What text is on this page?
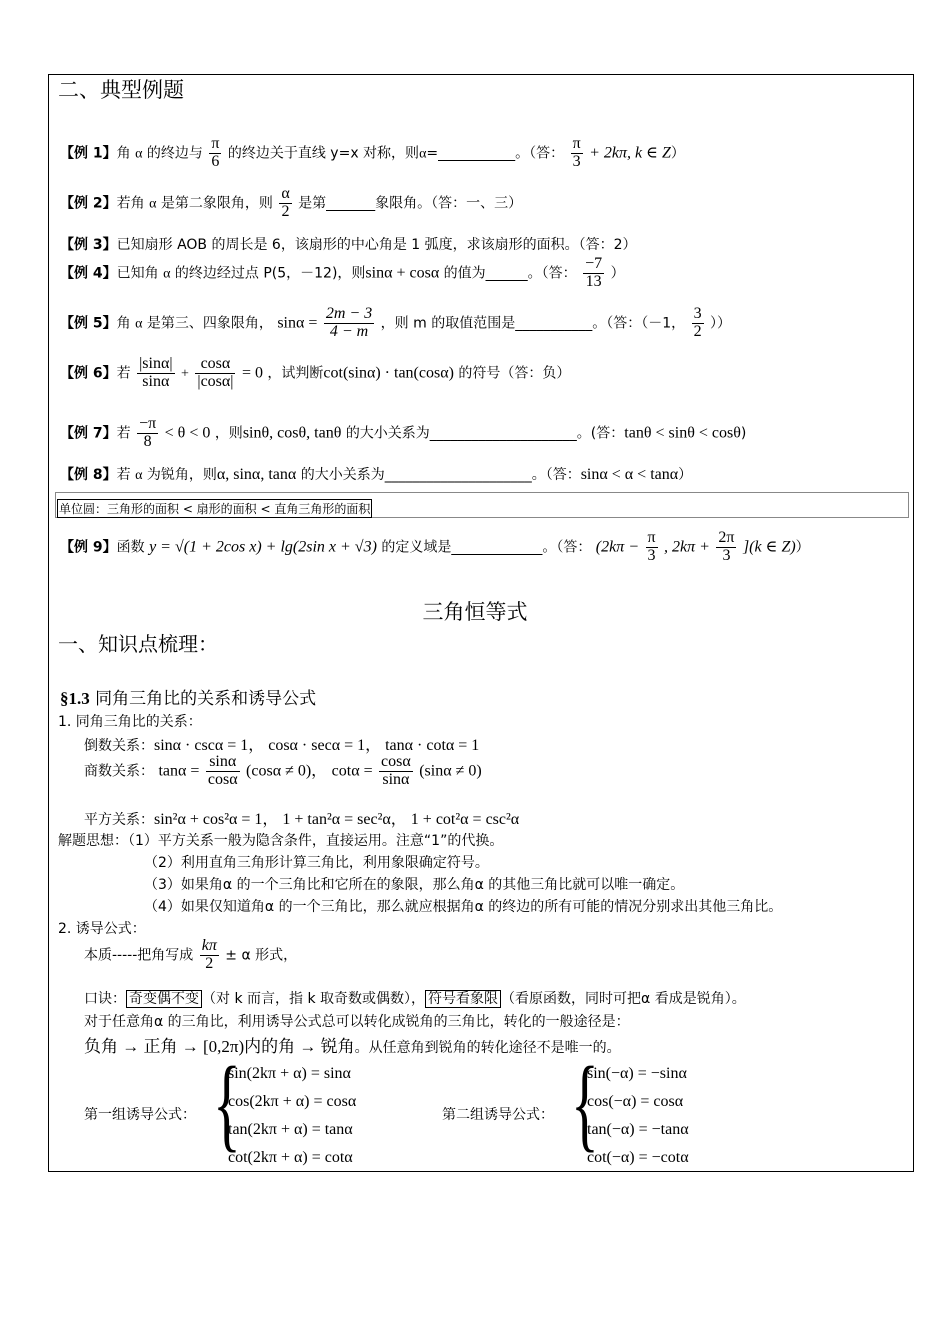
二、典型例题
【例 1】角 α 的终边与 $\frac{\pi}{6}$ 的终边关于直线 y=x 对称，则α=___________。（答： $\frac{\pi}{3} + 2k\pi$, k ∈ Z）
【例 2】若角 α 是第二象限角，则 $\frac{\alpha}{2}$ 是第_______象限角。（答：一、三）
【例 3】已知扇形 AOB 的周长是 6，该扇形的中心角是 1 弧度，求该扇形的面积。（答：2）
【例 4】已知角 α 的终边经过点 P(5，－12)，则sinα + cosα 的值为______。（答： $\frac{-7}{13}$ ）
【例 5】角 α 是第三、四象限角， $\sin\alpha = \frac{2m - 3}{4 - m}$ ，则 m 的取值范围是___________。（答：（－1， $\frac{3}{2}$ ））
【例 6】若 $\frac{|\sin\alpha|}{\sin\alpha} + \frac{\cos\alpha}{|\cos\alpha|} = 0$ ，试判断cot(sinα) · tan(cosα) 的符号（答：负）
【例 7】若 $\frac{-\pi}{8} < \theta < 0$ ，则sinθ, cosθ, tanθ 的大小关系为_____________________。(答：tanθ < sinθ < cosθ)
【例 8】若 α 为锐角，则α, sinα, tanα 的大小关系为_____________________。（答：sinα < α < tanα）
单位圆：三角形的面积 < 扇形的面积 < 直角三角形的面积
【例 9】函数 y = √(1 + 2cos x) + lg(2sin x + √3) 的定义域是_____________。（答： ($2k\pi - \frac{\pi}{3}$ , $2k\pi + \frac{2\pi}{3} ](k$ ∈ Z)）
三角恒等式
一、知识点梳理：
§1.3 同角三角比的关系和诱导公式
1. 同角三角比的关系：
倒数关系：sinα · cscα = 1， cosα · secα = 1， tanα · cotα = 1
商数关系： $\tan\alpha = \frac{\sin\alpha}{\cos\alpha} (\cos\alpha \ne 0)$， $\cot\alpha = \frac{\cos\alpha}{\sin\alpha} (\sin\alpha \ne 0)$
平方关系：sin²α + cos²α = 1， 1 + tan²α = sec²α， 1 + cot²α = csc²α
解题思想：（1）平方关系一般为隐含条件，直接运用。注意“1”的代换。
（2）利用直角三角形计算三角比，利用象限确定符号。
（3）如果角α 的一个三角比和它所在的象限，那么角α 的其他三角比就可以唯一确定。
（4）如果仅知道角α 的一个三角比，那么就应根据角α 的终边的所有可能的情况分别求出其他三角比。
2. 诱导公式：
本质-----把角写成 $\frac{k\pi}{2} \pm \alpha$ 形式，
口诀： 奇变偶不变 （对 k 而言，指 k 取奇数或偶数）， 符号看象限 （看原函数，同时可把α 看成是锐角）。
对于任意角α 的三角比，利用诱导公式总可以转化成锐角的三角比，转化的一般途径是：
负角 → 正角 → [0,2π)内的角 → 锐角。从任意角到锐角的转化途径不是唯一的。
第一组诱导公式： {
sin(2kπ + α) = sinα
cos(2kπ + α) = cosα
tan(2kπ + α) = tanα
cot(2kπ + α) = cotα
第二组诱导公式： {
sin(−α) = −sinα
cos(−α) = cosα
tan(−α) = −tanα
cot(−α) = −cotα
